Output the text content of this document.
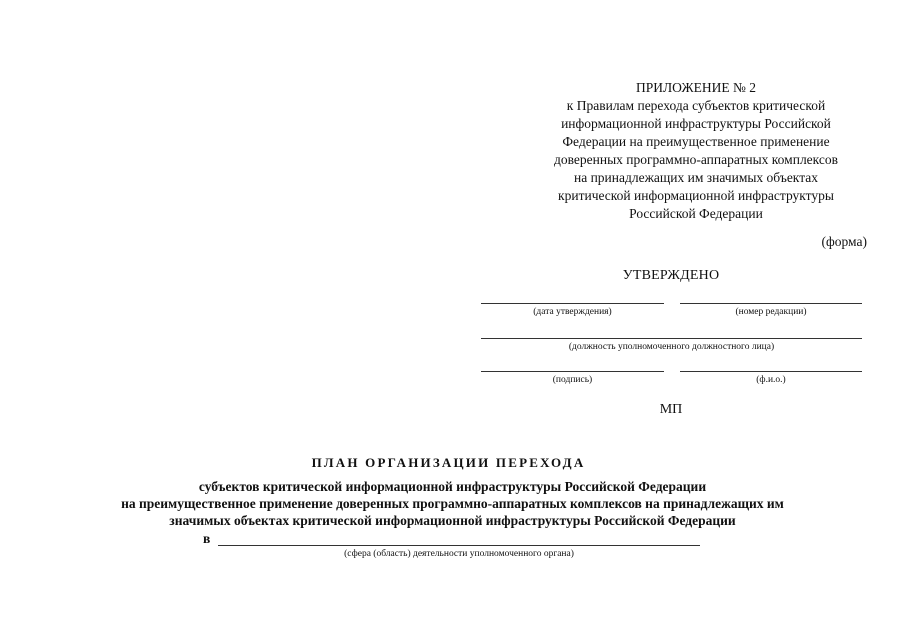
ПРИЛОЖЕНИЕ № 2
к Правилам перехода субъектов критической
информационной инфраструктуры Российской
Федерации на преимущественное применение
доверенных программно-аппаратных комплексов
на принадлежащих им значимых объектах
критической информационной инфраструктуры
Российской Федерации
(форма)
УТВЕРЖДЕНО
(дата утверждения)	(номер редакции)
(должность уполномоченного должностного лица)
(подпись)	(ф.и.о.)
МП
ПЛАН ОРГАНИЗАЦИИ ПЕРЕХОДА
субъектов критической информационной инфраструктуры Российской Федерации
на преимущественное применение доверенных программно-аппаратных комплексов на принадлежащих им
значимых объектах критической информационной инфраструктуры Российской Федерации
в
(сфера (область) деятельности уполномоченного органа)
